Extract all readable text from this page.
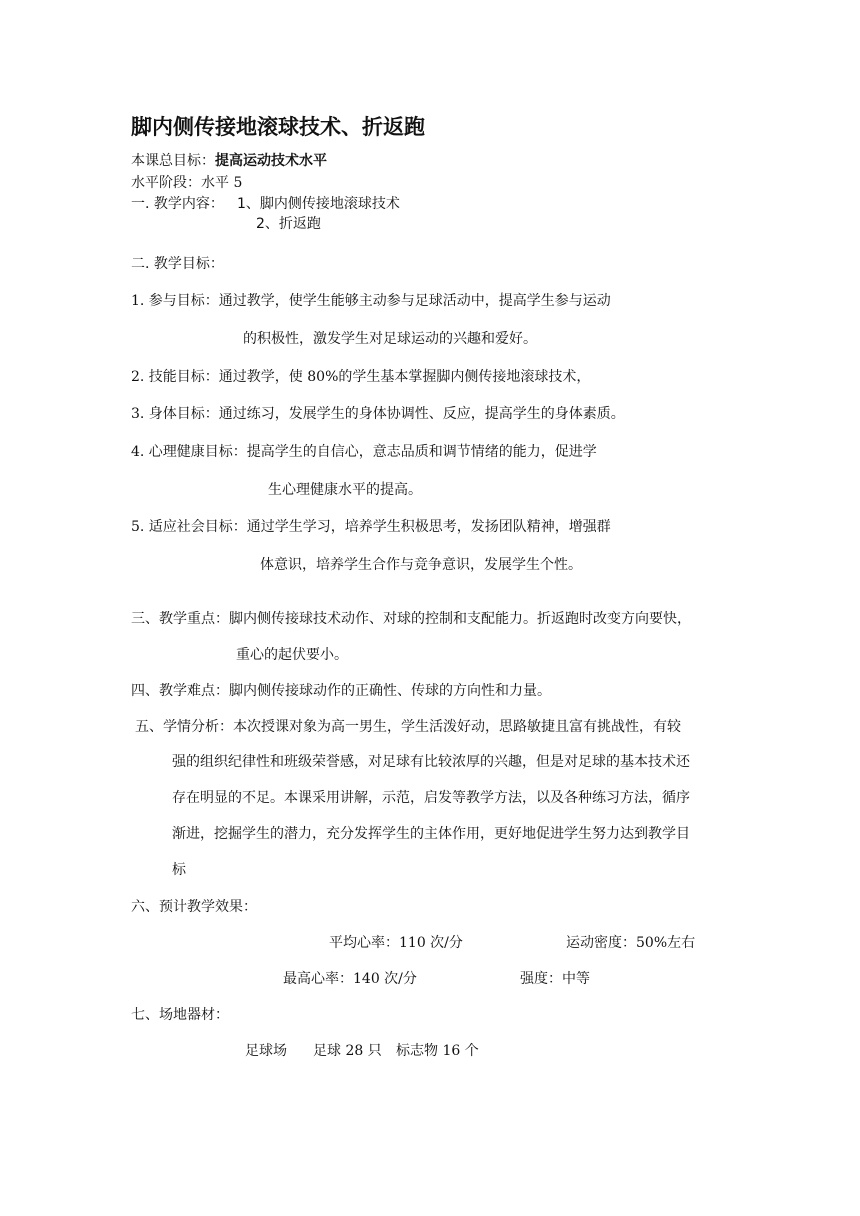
脚内侧传接地滚球技术、折返跑
本课总目标：提高运动技术水平
水平阶段：水平 5
一. 教学内容： 1、脚内侧传接地滚球技术
2、折返跑
二. 教学目标：
1. 参与目标：通过教学，使学生能够主动参与足球活动中，提高学生参与运动
的积极性，激发学生对足球运动的兴趣和爱好。
2. 技能目标：通过教学，使 80%的学生基本掌握脚内侧传接地滚球技术，
3. 身体目标：通过练习，发展学生的身体协调性、反应，提高学生的身体素质。
4. 心理健康目标：提高学生的自信心，意志品质和调节情绪的能力，促进学
生心理健康水平的提高。
5. 适应社会目标：通过学生学习，培养学生积极思考，发扬团队精神，增强群
体意识，培养学生合作与竞争意识，发展学生个性。
三、教学重点：脚内侧传接球技术动作、对球的控制和支配能力。折返跑时改变方向要快，
重心的起伏要小。
四、教学难点：脚内侧传接球动作的正确性、传球的方向性和力量。
五、学情分析：本次授课对象为高一男生，学生活泼好动，思路敏捷且富有挑战性，有较
强的组织纪律性和班级荣誉感，对足球有比较浓厚的兴趣，但是对足球的基本技术还
存在明显的不足。本课采用讲解，示范，启发等教学方法，以及各种练习方法，循序
渐进，挖掘学生的潜力，充分发挥学生的主体作用，更好地促进学生努力达到教学目
标
六、预计教学效果：
平均心率：110 次/分	运动密度：50%左右
最高心率：140 次/分	强度：中等
七、场地器材：
足球场 足球 28 只 标志物 16 个
